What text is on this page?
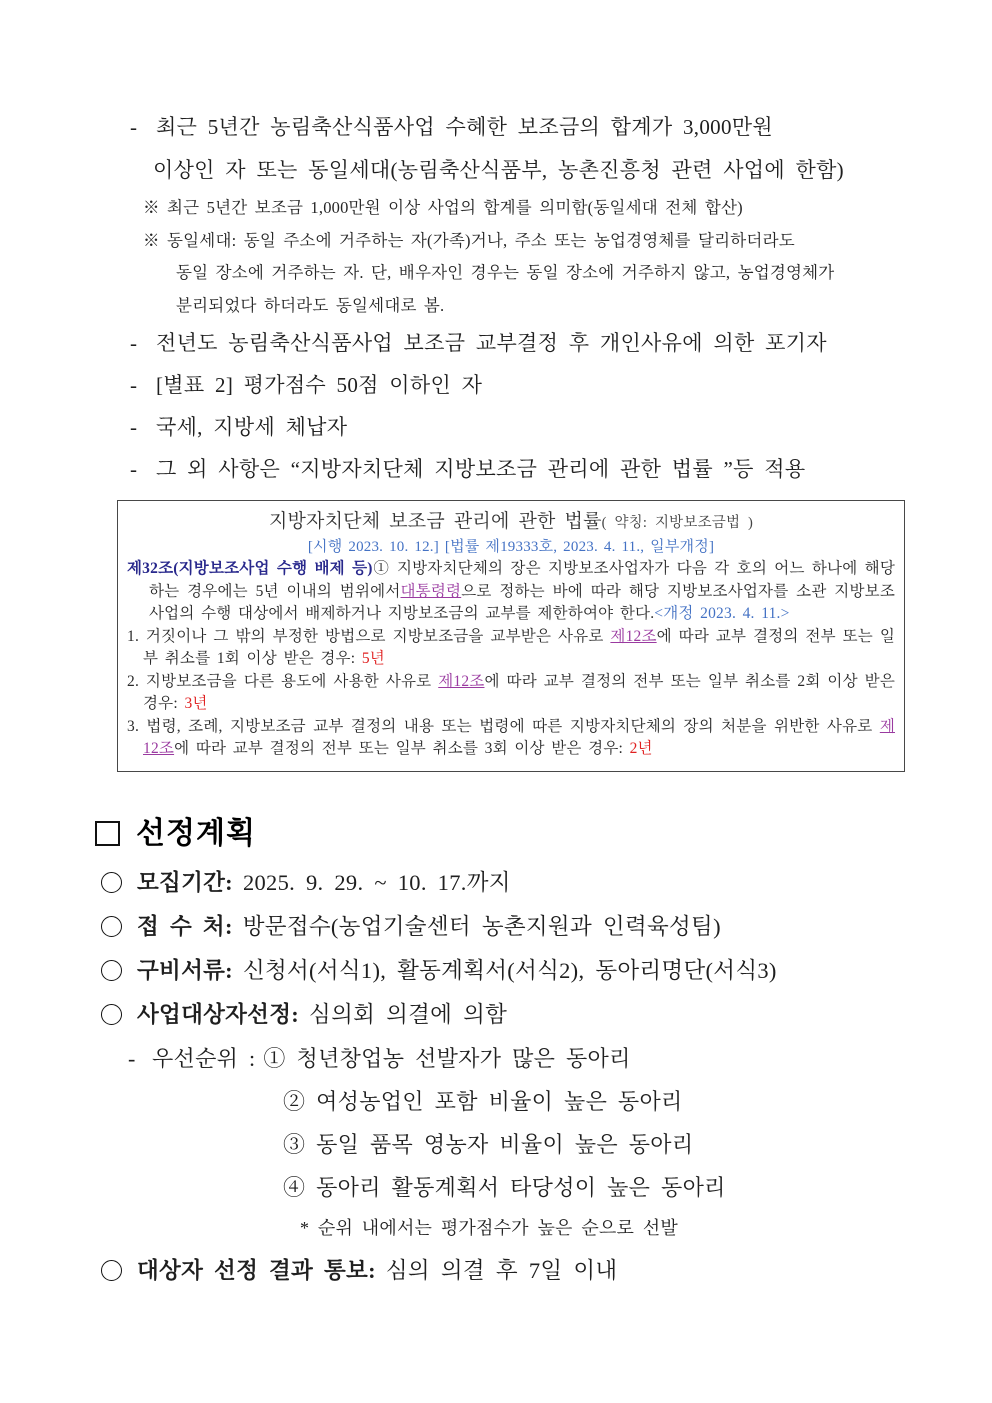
- 최근 5년간 농림축산식품사업 수혜한 보조금의 합계가 3,000만원
이상인 자 또는 동일세대(농림축산식품부, 농촌진흥청 관련 사업에 한함)
※ 최근 5년간 보조금 1,000만원 이상 사업의 합계를 의미함(동일세대 전체 합산)
※ 동일세대: 동일 주소에 거주하는 자(가족)거나, 주소 또는 농업경영체를 달리하더라도
동일 장소에 거주하는 자. 단, 배우자인 경우는 동일 장소에 거주하지 않고, 농업경영체가
분리되었다 하더라도 동일세대로 봄.
- 전년도 농림축산식품사업 보조금 교부결정 후 개인사유에 의한 포기자
- [별표 2] 평가점수 50점 이하인 자
- 국세, 지방세 체납자
- 그 외 사항은 “지방자치단체 지방보조금 관리에 관한 법률 ”등 적용
지방자치단체 보조금 관리에 관한 법률( 약칭: 지방보조금법 )
[시행 2023. 10. 12.] [법률 제19333호, 2023. 4. 11., 일부개정]
제32조(지방보조사업 수행 배제 등)① 지방자치단체의 장은 지방보조사업자가 다음 각 호의 어느 하나에 해당하는 경우에는 5년 이내의 범위에서대통령령으로 정하는 바에 따라 해당 지방보조사업자를 소관 지방보조사업의 수행 대상에서 배제하거나 지방보조금의 교부를 제한하여야 한다.<개정 2023. 4. 11.>
1. 거짓이나 그 밖의 부정한 방법으로 지방보조금을 교부받은 사유로 제12조에 따라 교부 결정의 전부 또는 일부 취소를 1회 이상 받은 경우: 5년
2. 지방보조금을 다른 용도에 사용한 사유로 제12조에 따라 교부 결정의 전부 또는 일부 취소를 2회 이상 받은 경우: 3년
3. 법령, 조례, 지방보조금 교부 결정의 내용 또는 법령에 따른 지방자치단체의 장의 처분을 위반한 사유로 제12조에 따라 교부 결정의 전부 또는 일부 취소를 3회 이상 받은 경우: 2년
선정계획
모집기간: 2025. 9. 29. ~ 10. 17.까지
접 수 처: 방문접수(농업기술센터 농촌지원과 인력육성팀)
구비서류: 신청서(서식1), 활동계획서(서식2), 동아리명단(서식3)
사업대상자선정: 심의회 의결에 의함
- 우선순위 : ① 청년창업농 선발자가 많은 동아리
② 여성농업인 포함 비율이 높은 동아리
③ 동일 품목 영농자 비율이 높은 동아리
④ 동아리 활동계획서 타당성이 높은 동아리
* 순위 내에서는 평가점수가 높은 순으로 선발
대상자 선정 결과 통보: 심의 의결 후 7일 이내
